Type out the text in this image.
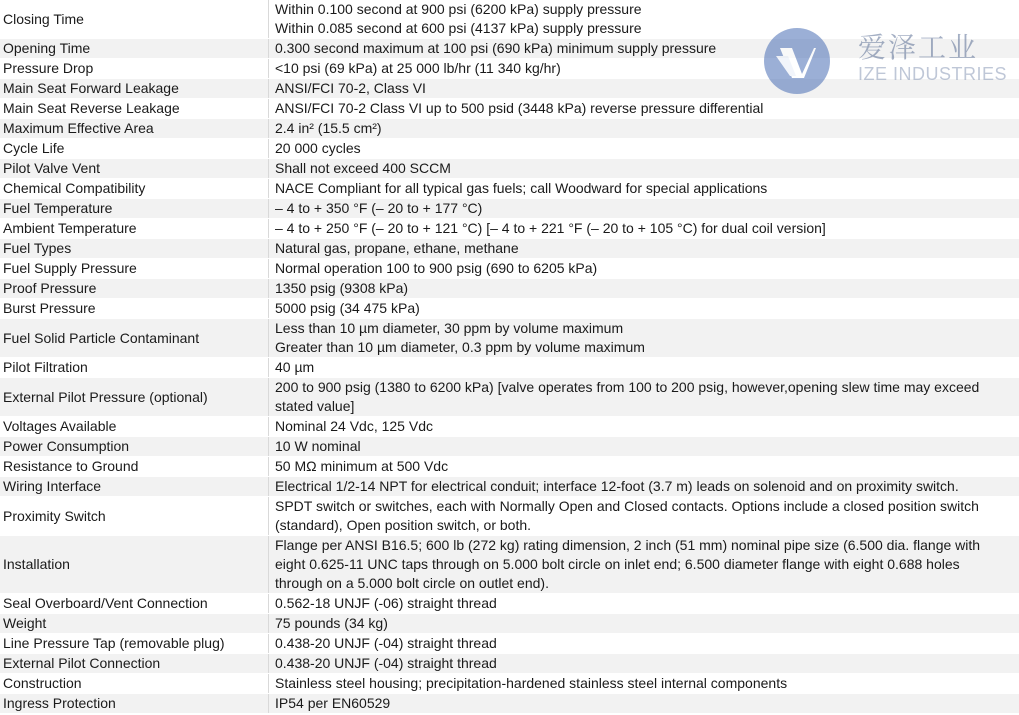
Closing Time	Within 0.100 second at 900 psi (6200 kPa) supply pressure
Within 0.085 second at 600 psi (4137 kPa) supply pressure

Opening Time	0.300 second maximum at 100 psi (690 kPa) minimum supply pressure

Pressure Drop	<10 psi (69 kPa) at 25 000 lb/hr (11 340 kg/hr)

Main Seat Forward Leakage	ANSI/FCI 70-2, Class VI

Main Seat Reverse Leakage	ANSI/FCI 70-2 Class VI up to 500 psid (3448 kPa) reverse pressure differential

Maximum Effective Area	2.4 in² (15.5 cm²)

Cycle Life	20 000 cycles

Pilot Valve Vent	Shall not exceed 400 SCCM

Chemical Compatibility	NACE Compliant for all typical gas fuels; call Woodward for special applications

Fuel Temperature	– 4 to + 350 °F (– 20 to + 177 °C)

Ambient Temperature	– 4 to + 250 °F (– 20 to + 121 °C) [– 4 to + 221 °F (– 20 to + 105 °C) for dual coil version]

Fuel Types	Natural gas, propane, ethane, methane

Fuel Supply Pressure	Normal operation 100 to 900 psig (690 to 6205 kPa)

Proof Pressure	1350 psig (9308 kPa)

Burst Pressure	5000 psig (34 475 kPa)

Fuel Solid Particle Contaminant	Less than 10 µm diameter, 30 ppm by volume maximum
Greater than 10 µm diameter, 0.3 ppm by volume maximum

Pilot Filtration	40 µm

External Pilot Pressure (optional)	200 to 900 psig (1380 to 6200 kPa) [valve operates from 100 to 200 psig, however,opening slew time may exceed
stated value]

Voltages Available	Nominal 24 Vdc, 125 Vdc

Power Consumption	10 W nominal

Resistance to Ground	50 MΩ minimum at 500 Vdc

Wiring Interface	Electrical 1/2-14 NPT for electrical conduit; interface 12-foot (3.7 m) leads on solenoid and on proximity switch.

Proximity Switch	SPDT switch or switches, each with Normally Open and Closed contacts. Options include a closed position switch
(standard), Open position switch, or both.

Installation	Flange per ANSI B16.5; 600 lb (272 kg) rating dimension, 2 inch (51 mm) nominal pipe size (6.500 dia. flange with
eight 0.625-11 UNC taps through on 5.000 bolt circle on inlet end; 6.500 diameter flange with eight 0.688 holes
through on a 5.000 bolt circle on outlet end).

Seal Overboard/Vent Connection	0.562-18 UNJF (-06) straight thread

Weight	75 pounds (34 kg)

Line Pressure Tap (removable plug)	0.438-20 UNJF (-04) straight thread

External Pilot Connection	0.438-20 UNJF (-04) straight thread

Construction	Stainless steel housing; precipitation-hardened stainless steel internal components

Ingress Protection	IP54 per EN60529
爱泽工业
IZE INDUSTRIES
